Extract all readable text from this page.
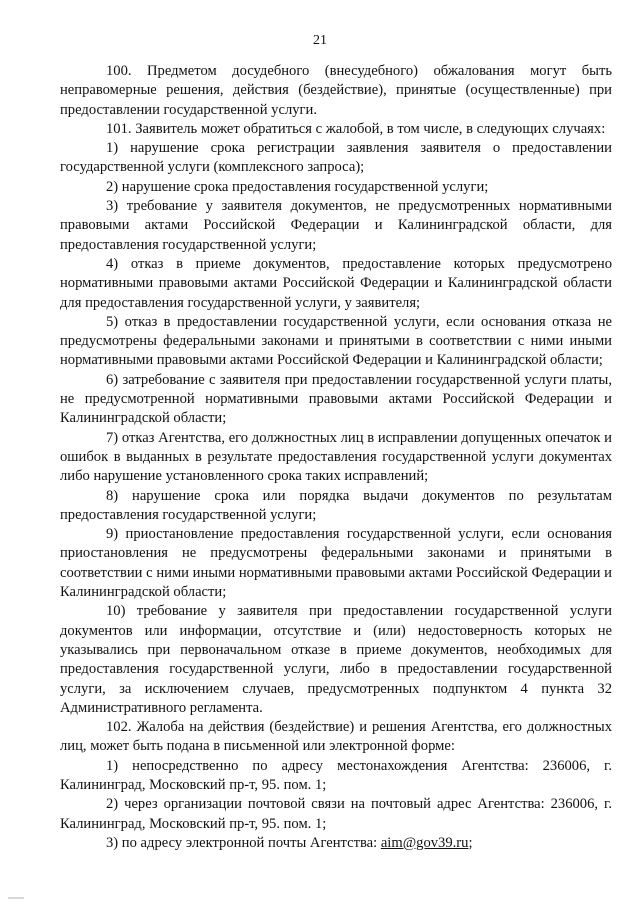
21

100. Предметом досудебного (внесудебного) обжалования могут быть неправомерные решения, действия (бездействие), принятые (осуществленные) при предоставлении государственной услуги.

101. Заявитель может обратиться с жалобой, в том числе, в следующих случаях:

1) нарушение срока регистрации заявления заявителя о предоставлении государственной услуги (комплексного запроса);

2) нарушение срока предоставления государственной услуги;

3) требование у заявителя документов, не предусмотренных нормативными правовыми актами Российской Федерации и Калининградской области, для предоставления государственной услуги;

4) отказ в приеме документов, предоставление которых предусмотрено нормативными правовыми актами Российской Федерации и Калининградской области для предоставления государственной услуги, у заявителя;

5) отказ в предоставлении государственной услуги, если основания отказа не предусмотрены федеральными законами и принятыми в соответствии с ними иными нормативными правовыми актами Российской Федерации и Калининградской области;

6) затребование с заявителя при предоставлении государственной услуги платы, не предусмотренной нормативными правовыми актами Российской Федерации и Калининградской области;

7) отказ Агентства, его должностных лиц в исправлении допущенных опечаток и ошибок в выданных в результате предоставления государственной услуги документах либо нарушение установленного срока таких исправлений;

8) нарушение срока или порядка выдачи документов по результатам предоставления государственной услуги;

9) приостановление предоставления государственной услуги, если основания приостановления не предусмотрены федеральными законами и принятыми в соответствии с ними иными нормативными правовыми актами Российской Федерации и Калининградской области;

10) требование у заявителя при предоставлении государственной услуги документов или информации, отсутствие и (или) недостоверность которых не указывались при первоначальном отказе в приеме документов, необходимых для предоставления государственной услуги, либо в предоставлении государственной услуги, за исключением случаев, предусмотренных подпунктом 4 пункта 32 Административного регламента.

102. Жалоба на действия (бездействие) и решения Агентства, его должностных лиц, может быть подана в письменной или электронной форме:

1) непосредственно по адресу местонахождения Агентства: 236006, г. Калининград, Московский пр-т, 95. пом. 1;

2) через организации почтовой связи на почтовый адрес Агентства: 236006, г. Калининград, Московский пр-т, 95. пом. 1;

3) по адресу электронной почты Агентства: aim@gov39.ru;
